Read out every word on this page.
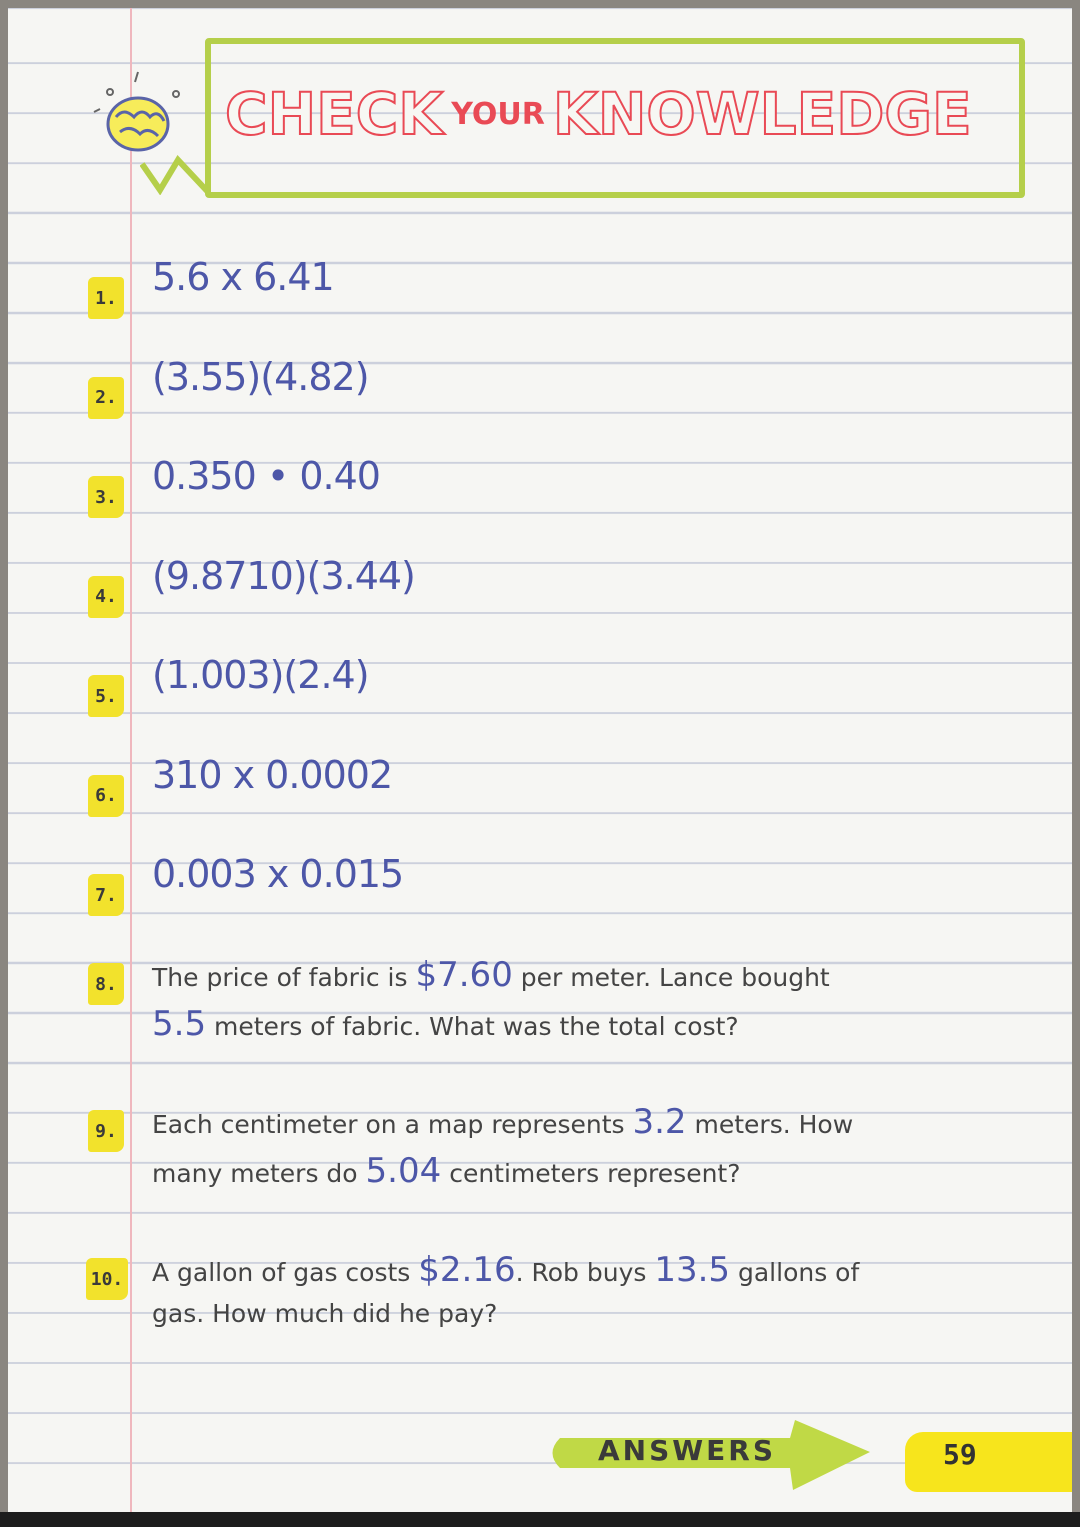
CHECK YOUR KNOWLEDGE
1. 5.6 x 6.41
2. (3.55)(4.82)
3. 0.350 • 0.40
4. (9.8710)(3.44)
5. (1.003)(2.4)
6. 310 x 0.0002
7. 0.003 x 0.015
8. The price of fabric is $7.60 per meter. Lance bought
5.5 meters of fabric. What was the total cost?
9. Each centimeter on a map represents 3.2 meters. How
many meters do 5.04 centimeters represent?
10. A gallon of gas costs $2.16. Rob buys 13.5 gallons of
gas. How much did he pay?
ANSWERS	59
